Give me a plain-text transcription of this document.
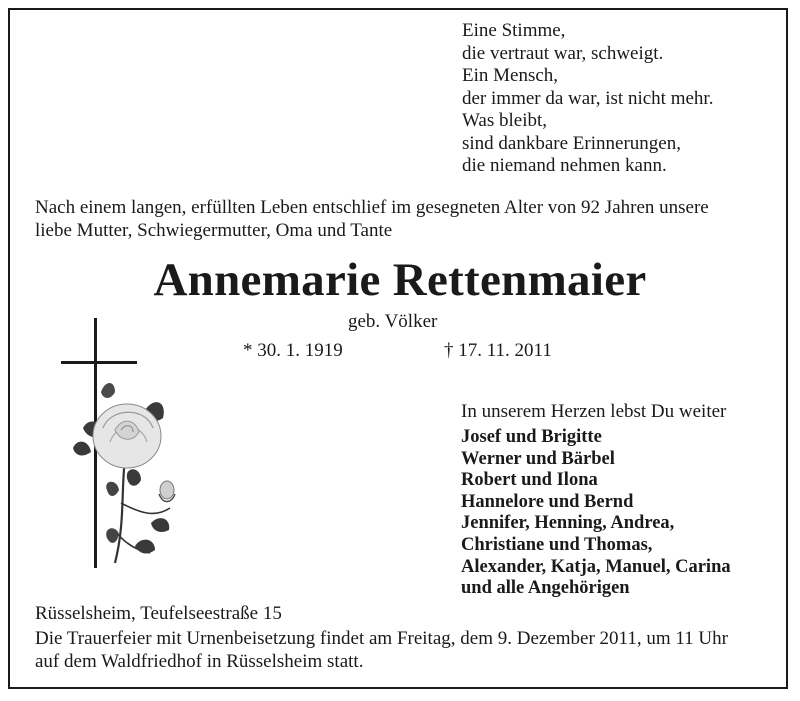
Eine Stimme,
die vertraut war, schweigt.
Ein Mensch,
der immer da war, ist nicht mehr.
Was bleibt,
sind dankbare Erinnerungen,
die niemand nehmen kann.
Nach einem langen, erfüllten Leben entschlief im gesegneten Alter von 92 Jahren unsere
liebe Mutter, Schwiegermutter, Oma und Tante
Annemarie Rettenmaier
geb. Völker
* 30. 1. 1919	† 17. 11. 2011
In unserem Herzen lebst Du weiter
Josef und Brigitte
Werner und Bärbel
Robert und Ilona
Hannelore und Bernd
Jennifer, Henning, Andrea,
Christiane und Thomas,
Alexander, Katja, Manuel, Carina
und alle Angehörigen
Rüsselsheim, Teufelseestraße 15
Die Trauerfeier mit Urnenbeisetzung findet am Freitag, dem 9. Dezember 2011, um 11 Uhr
auf dem Waldfriedhof in Rüsselsheim statt.
